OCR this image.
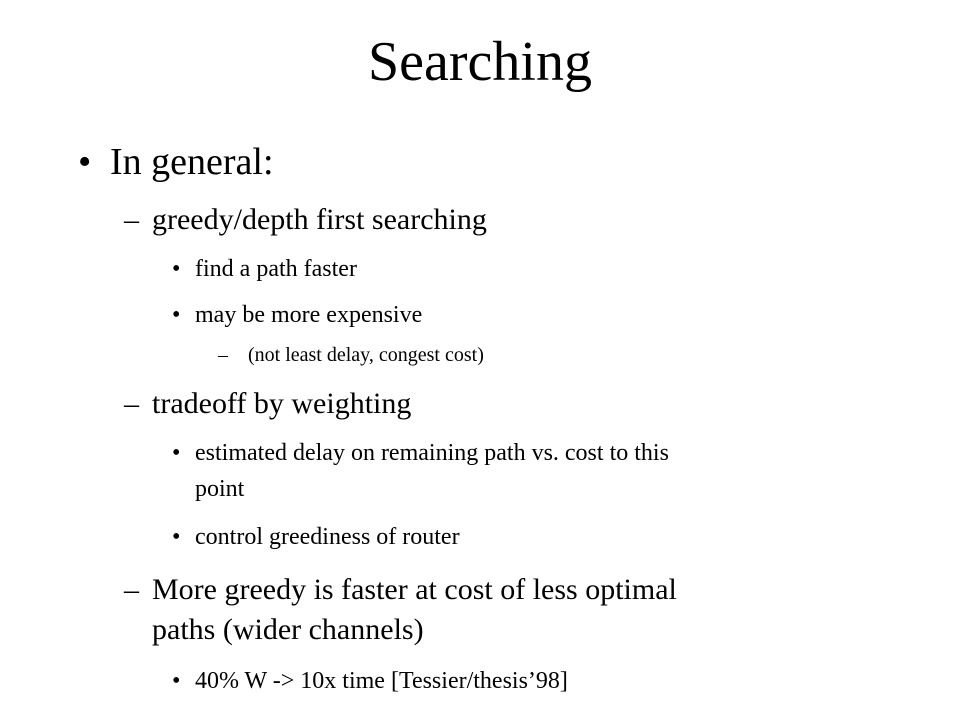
Searching
• In general:
– greedy/depth first searching
• find a path faster
• may be more expensive
– (not least delay, congest cost)
– tradeoff by weighting
• estimated delay on remaining path vs. cost to this
point
• control greediness of router
– More greedy is faster at cost of less optimal
paths (wider channels)
• 40% W -> 10x time [Tessier/thesis’98]
